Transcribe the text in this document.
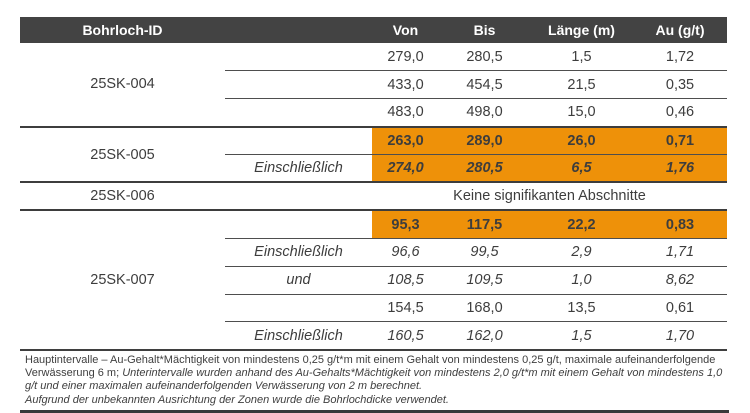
Bohrloch-ID		Von	Bis	Länge (m)	Au (g/t)
25SK-004		279,0	280,5	1,5	1,72
		433,0	454,5	21,5	0,35
		483,0	498,0	15,0	0,46
25SK-005		263,0	289,0	26,0	0,71
	Einschließlich	274,0	280,5	6,5	1,76
25SK-006		Keine signifikanten Abschnitte			
25SK-007		95,3	117,5	22,2	0,83
	Einschließlich	96,6	99,5	2,9	1,71
	und	108,5	109,5	1,0	8,62
		154,5	168,0	13,5	0,61
	Einschließlich	160,5	162,0	1,5	1,70

Hauptintervalle – Au-Gehalt*Mächtigkeit von mindestens 0,25 g/t*m mit einem Gehalt von mindestens 0,25 g/t, maximale aufeinanderfolgende Verwässerung 6 m; Unterintervalle wurden anhand des Au-Gehalts*Mächtigkeit von mindestens 2,0 g/t*m mit einem Gehalt von mindestens 1,0 g/t und einer maximalen aufeinanderfolgenden Verwässerung von 2 m berechnet.

Aufgrund der unbekannten Ausrichtung der Zonen wurde die Bohrlochdicke verwendet.
